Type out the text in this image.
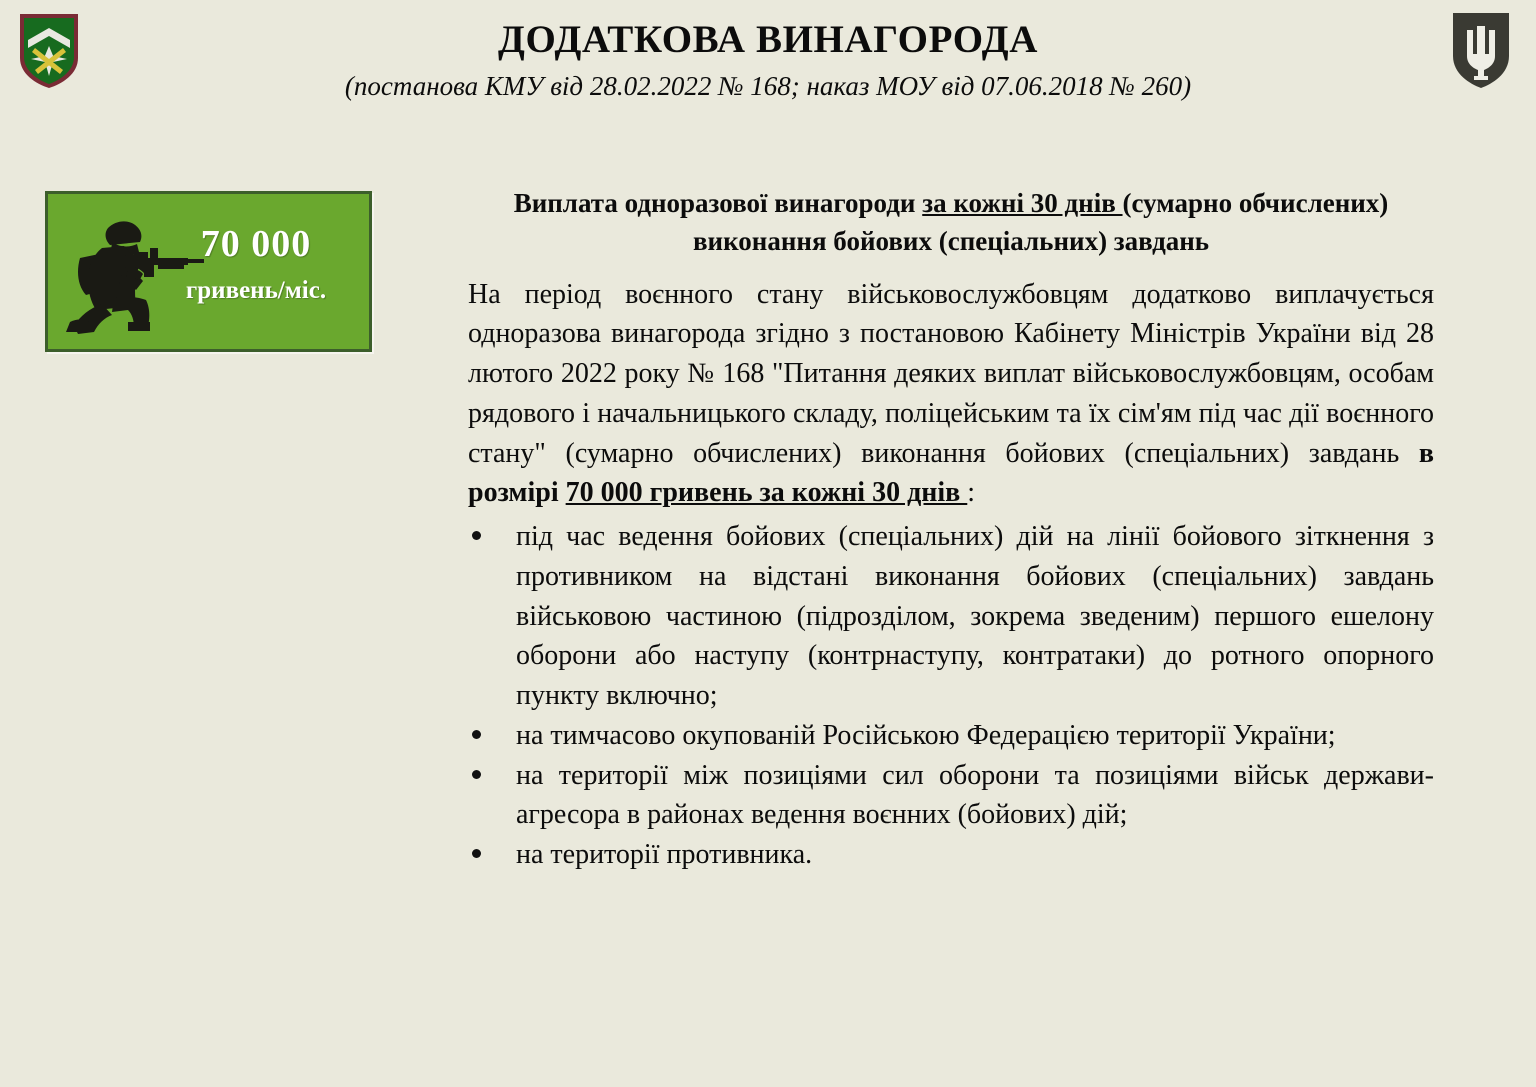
ДОДАТКОВА ВИНАГОРОДА
(постанова КМУ від 28.02.2022 № 168; наказ МОУ від 07.06.2018 № 260)
70 000
гривень/міс.
Виплата одноразової винагороди за кожні 30 днів (сумарно обчислених) виконання бойових (спеціальних) завдань

На період воєнного стану військовослужбовцям додатково виплачується одноразова винагорода згідно з постановою Кабінету Міністрів України від 28 лютого 2022 року № 168 "Питання деяких виплат військовослужбовцям, особам рядового і начальницького складу, поліцейським та їх сім'ям під час дії воєнного стану" (сумарно обчислених) виконання бойових (спеціальних) завдань в розмірі 70 000 гривень за кожні 30 днів :

під час ведення бойових (спеціальних) дій на лінії бойового зіткнення з противником на відстані виконання бойових (спеціальних) завдань військовою частиною (підрозділом, зокрема зведеним) першого ешелону оборони або наступу (контрнаступу, контратаки) до ротного опорного пункту включно;
на тимчасово окупованій Російською Федерацією території України;
на території між позиціями сил оборони та позиціями військ держави-агресора в районах ведення воєнних (бойових) дій;
на території противника.
